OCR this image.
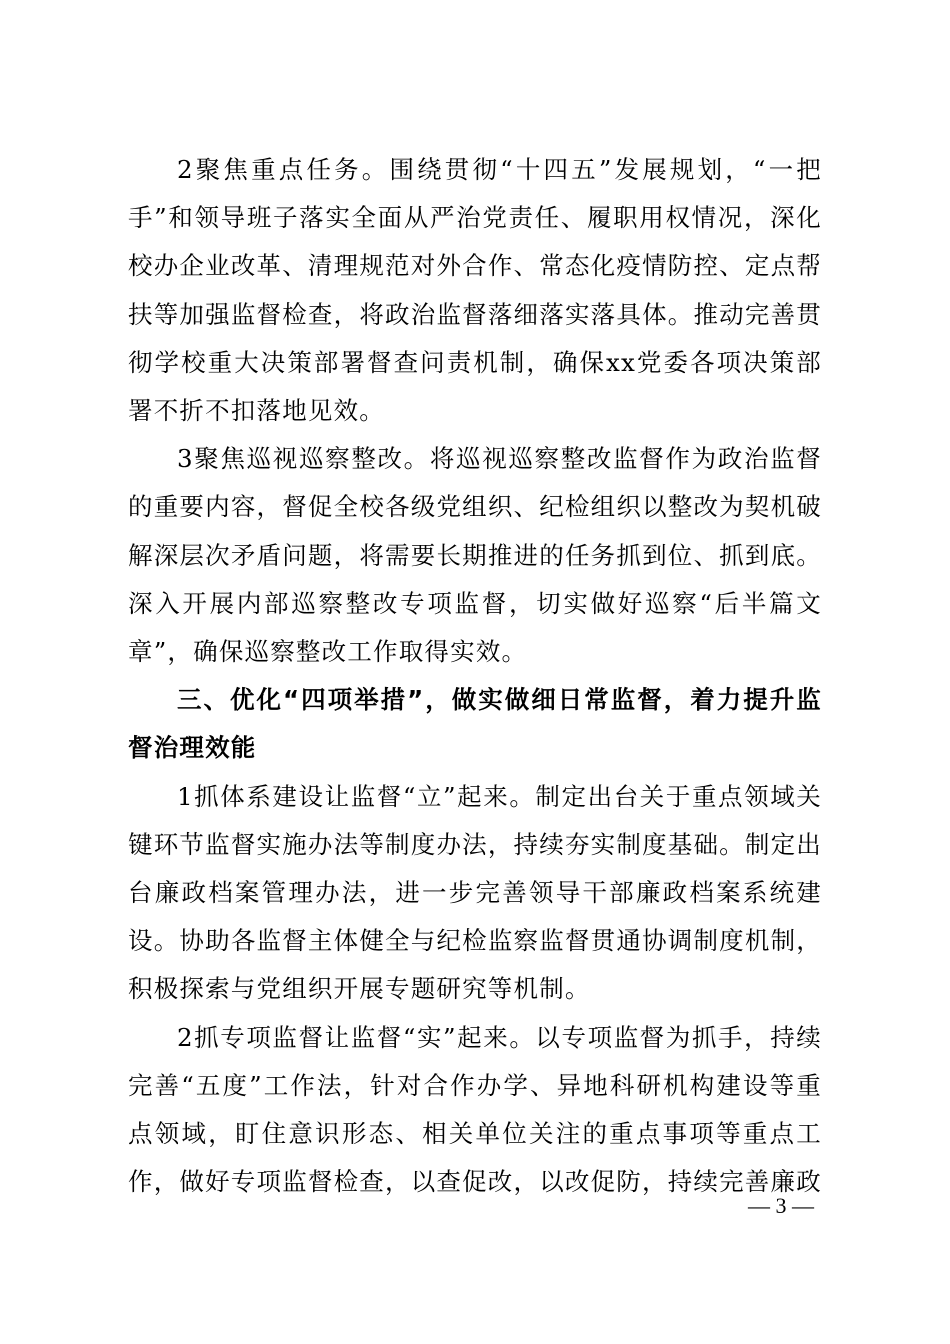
2聚焦重点任务。围绕贯彻“十四五”发展规划，“一把手”和领导班子落实全面从严治党责任、履职用权情况，深化校办企业改革、清理规范对外合作、常态化疫情防控、定点帮扶等加强监督检查，将政治监督落细落实落具体。推动完善贯彻学校重大决策部署督查问责机制，确保xx党委各项决策部署不折不扣落地见效。

3聚焦巡视巡察整改。将巡视巡察整改监督作为政治监督的重要内容，督促全校各级党组织、纪检组织以整改为契机破解深层次矛盾问题，将需要长期推进的任务抓到位、抓到底。深入开展内部巡察整改专项监督，切实做好巡察“后半篇文章”，确保巡察整改工作取得实效。

三、优化“四项举措”，做实做细日常监督，着力提升监督治理效能

1抓体系建设让监督“立”起来。制定出台关于重点领域关键环节监督实施办法等制度办法，持续夯实制度基础。制定出台廉政档案管理办法，进一步完善领导干部廉政档案系统建设。协助各监督主体健全与纪检监察监督贯通协调制度机制，积极探索与党组织开展专题研究等机制。

2抓专项监督让监督“实”起来。以专项监督为抓手，持续完善“五度”工作法，针对合作办学、异地科研机构建设等重点领域，盯住意识形态、相关单位关注的重点事项等重点工作，做好专项监督检查，以查促改，以改促防，持续完善廉政

— 3 —
